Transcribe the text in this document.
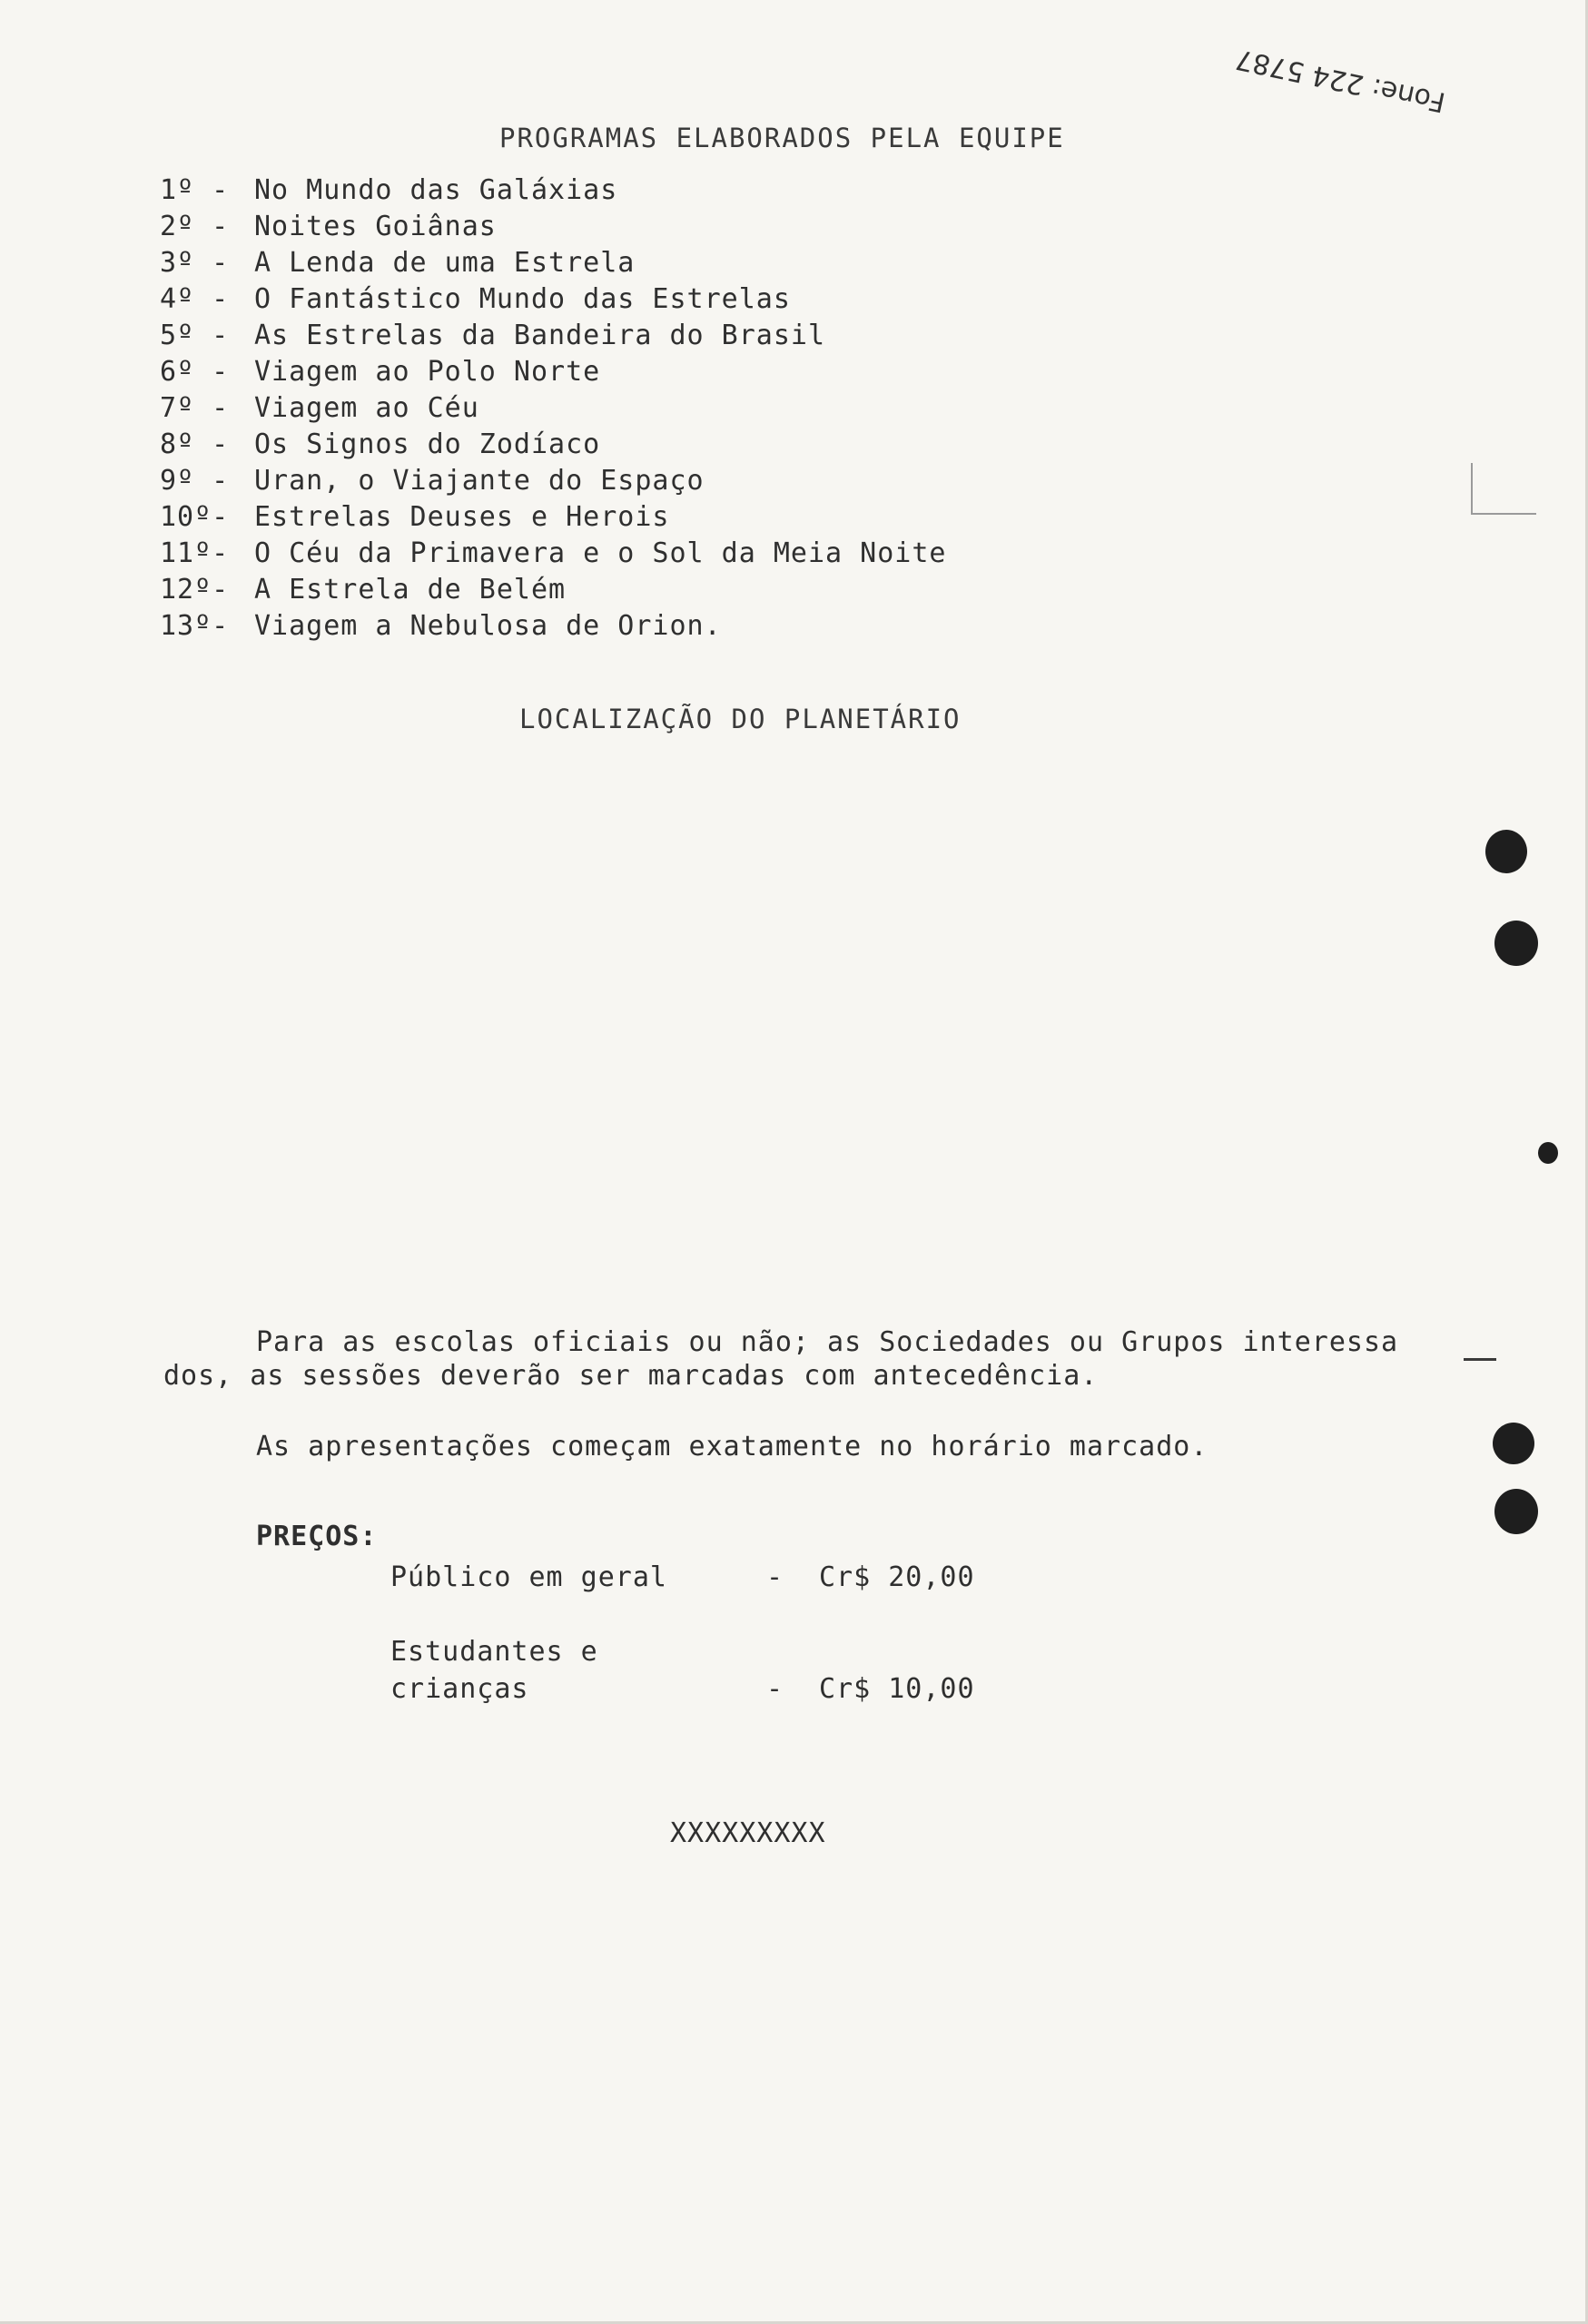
Fone: 224 5787
PROGRAMAS ELABORADOS PELA EQUIPE
1º - No Mundo das Galáxias
2º - Noites Goiânas
3º - A Lenda de uma Estrela
4º - O Fantástico Mundo das Estrelas
5º - As Estrelas da Bandeira do Brasil
6º - Viagem ao Polo Norte
7º - Viagem ao Céu
8º - Os Signos do Zodíaco
9º - Uran, o Viajante do Espaço
10º- Estrelas Deuses e Herois
11º- O Céu da Primavera e o Sol da Meia Noite
12º- A Estrela de Belém
13º- Viagem a Nebulosa de Orion.
LOCALIZAÇÃO DO PLANETÁRIO
Para as escolas oficiais ou não; as Sociedades ou Grupos interessa
dos, as sessões deverão ser marcadas com antecedência.
As apresentações começam exatamente no horário marcado.
PREÇOS:
Público em geral	- Cr$ 20,00
Estudantes e
crianças	- Cr$ 10,00
XXXXXXXXX
